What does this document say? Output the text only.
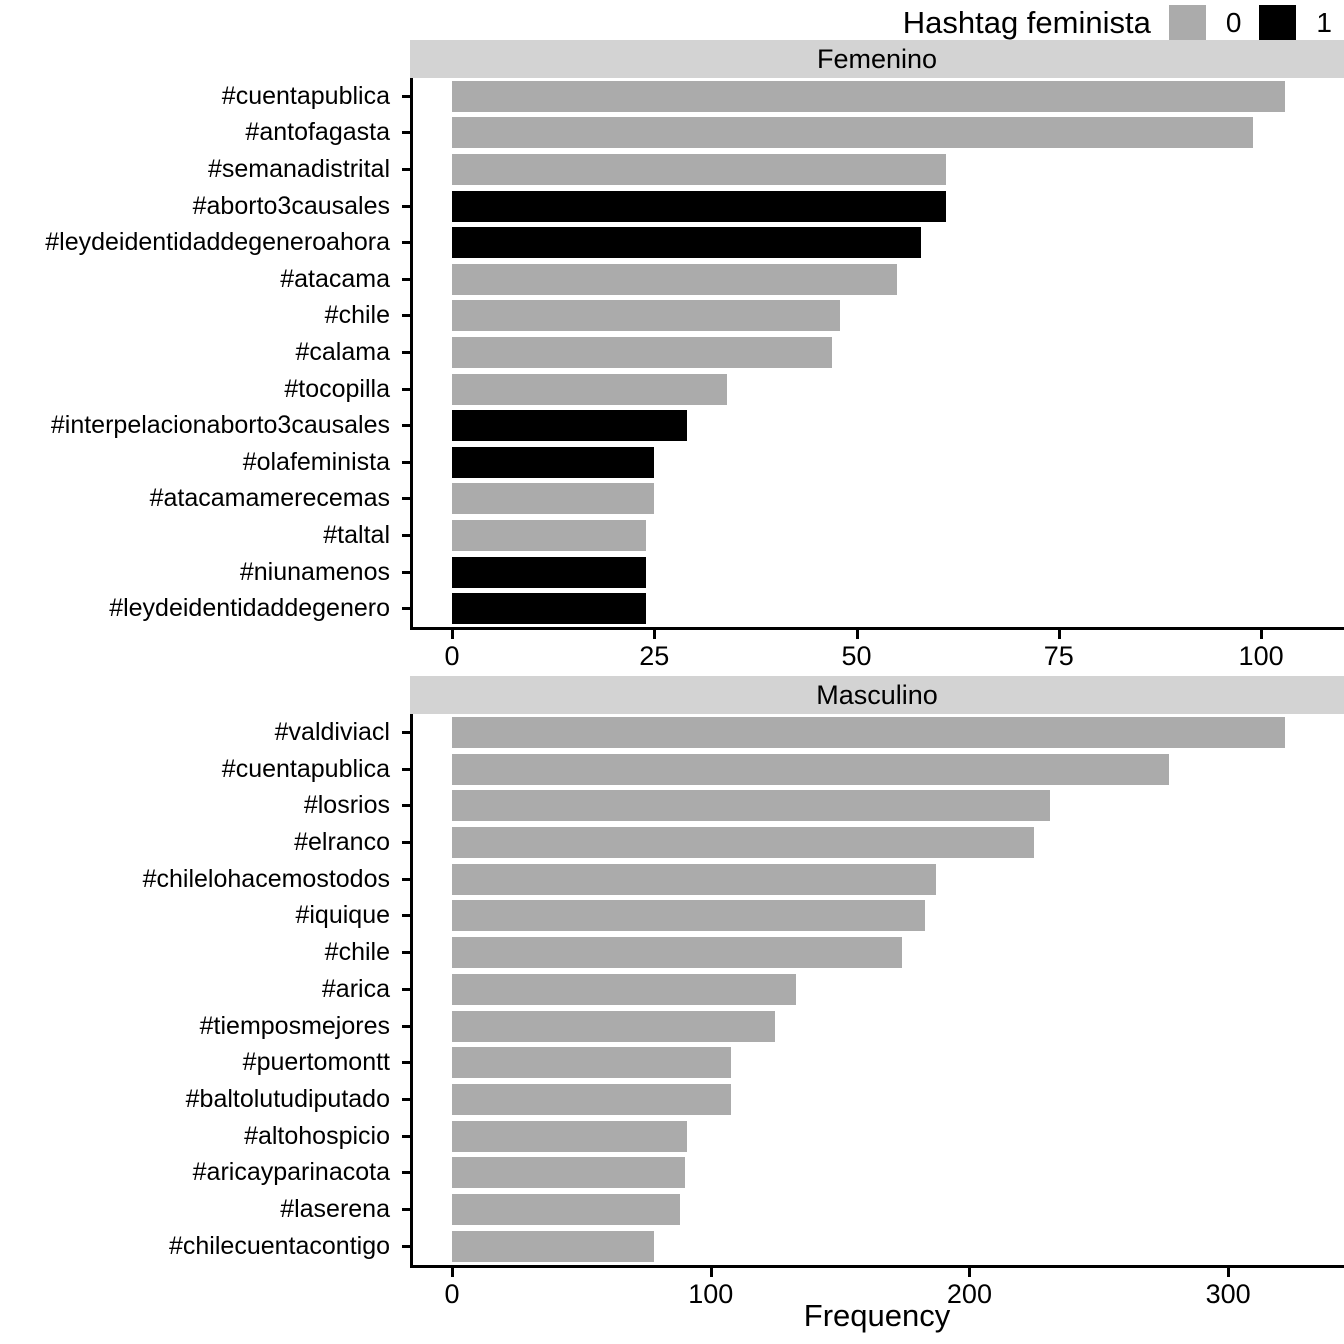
Hashtag feminista	0	1
Femenino
#cuentapublica
#antofagasta
#semanadistrital
#aborto3causales
#leydeidentidaddegeneroahora
#atacama
#chile
#calama
#tocopilla
#interpelacionaborto3causales
#olafeminista
#atacamamerecemas
#taltal
#niunamenos
#leydeidentidaddegenero
0	25	50	75	100
Masculino
#valdiviacl
#cuentapublica
#losrios
#elranco
#chilelohacemostodos
#iquique
#chile
#arica
#tiemposmejores
#puertomontt
#baltolutudiputado
#altohospicio
#aricayparinacota
#laserena
#chilecuentacontigo
0	100	200	300
Frequency
